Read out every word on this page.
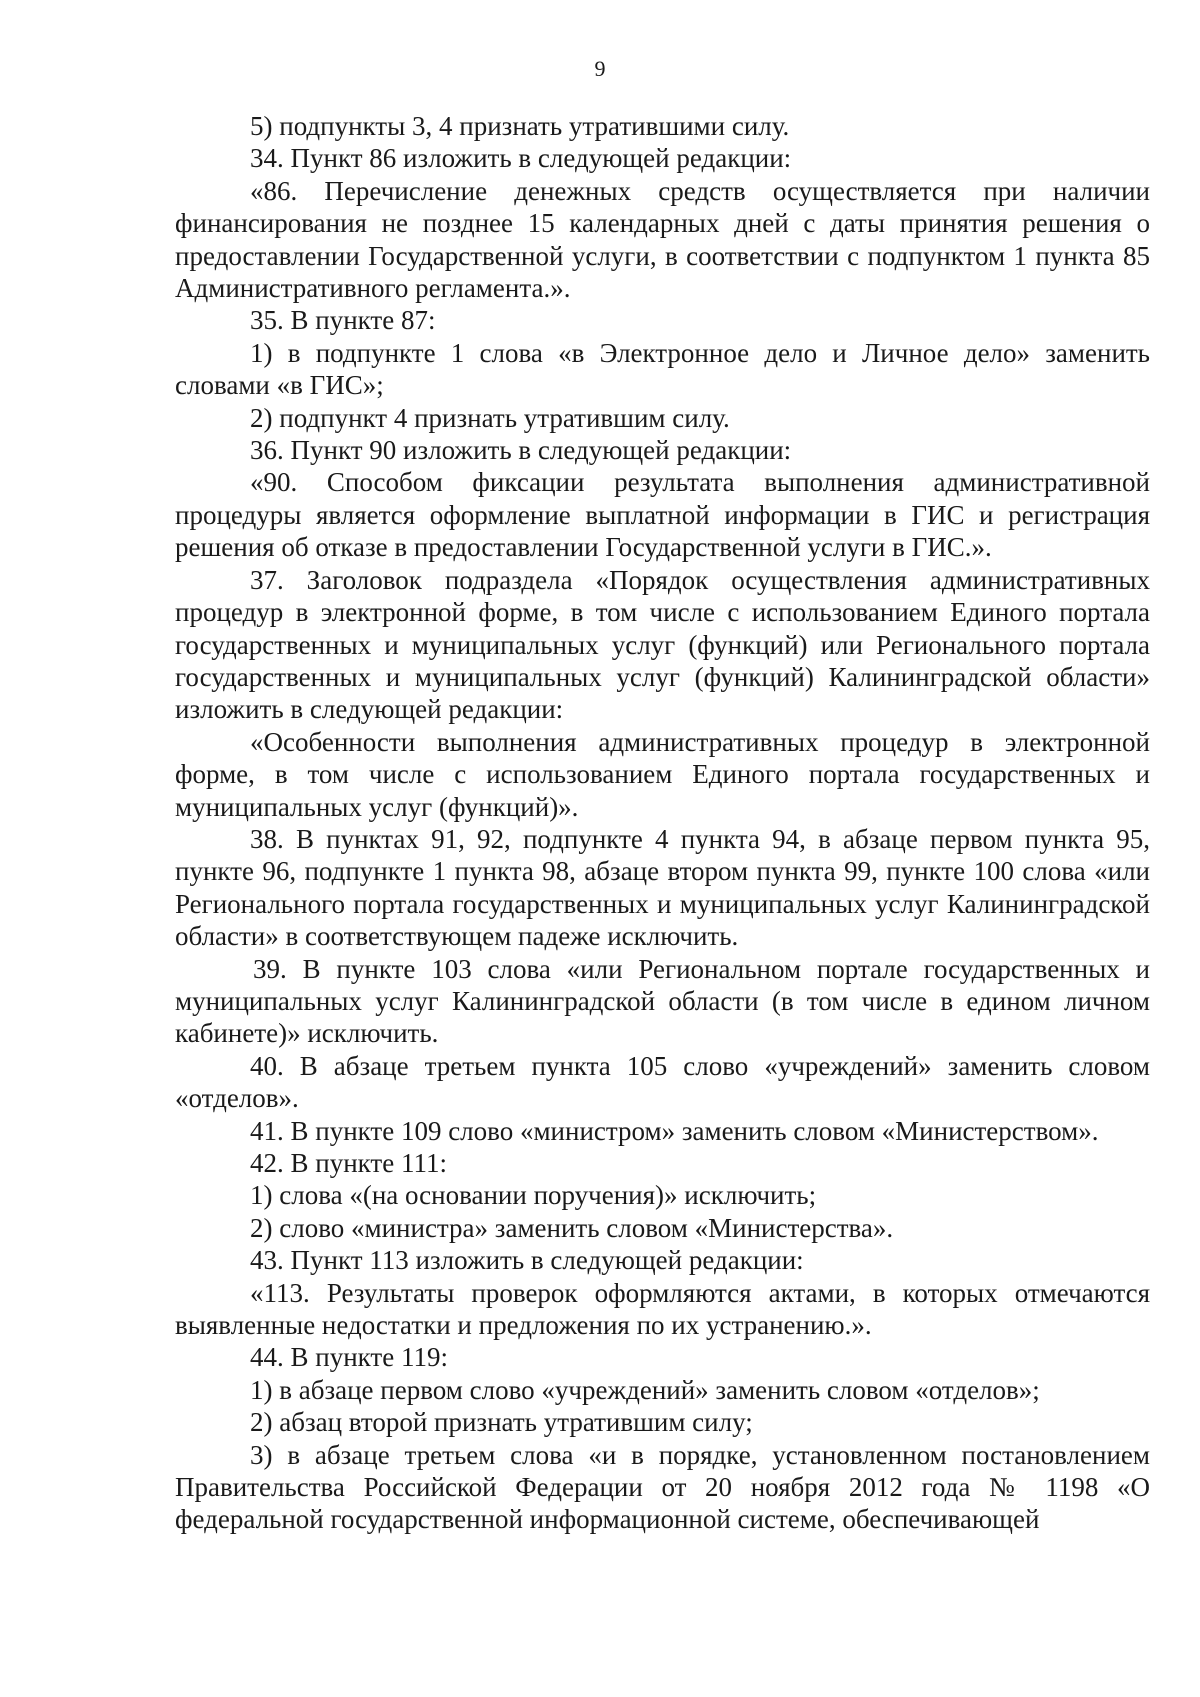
9

5) подпункты 3, 4 признать утратившими силу.

34. Пункт 86 изложить в следующей редакции:

«86. Перечисление денежных средств осуществляется при наличии финансирования не позднее 15 календарных дней с даты принятия решения о предоставлении Государственной услуги, в соответствии с подпунктом 1 пункта 85 Административного регламента.».

35. В пункте 87:

1) в подпункте 1 слова «в Электронное дело и Личное дело» заменить словами «в ГИС»;

2) подпункт 4 признать утратившим силу.

36. Пункт 90 изложить в следующей редакции:

«90. Способом фиксации результата выполнения административной процедуры является оформление выплатной информации в ГИС и регистрация решения об отказе в предоставлении Государственной услуги в ГИС.».

37. Заголовок подраздела «Порядок осуществления административных процедур в электронной форме, в том числе с использованием Единого портала государственных и муниципальных услуг (функций) или Регионального портала государственных и муниципальных услуг (функций) Калининградской области» изложить в следующей редакции:

«Особенности выполнения административных процедур в электронной форме, в том числе с использованием Единого портала государственных и муниципальных услуг (функций)».

38. В пунктах 91, 92, подпункте 4 пункта 94, в абзаце первом пункта 95, пункте 96, подпункте 1 пункта 98, абзаце втором пункта 99, пункте 100 слова «или Регионального портала государственных и муниципальных услуг Калининградской области» в соответствующем падеже исключить.

39. В пункте 103 слова «или Региональном портале государственных и муниципальных услуг Калининградской области (в том числе в едином личном кабинете)» исключить.

40. В абзаце третьем пункта 105 слово «учреждений» заменить словом «отделов».

41. В пункте 109 слово «министром» заменить словом «Министерством».

42. В пункте 111:

1) слова «(на основании поручения)» исключить;

2) слово «министра» заменить словом «Министерства».

43. Пункт 113 изложить в следующей редакции:

«113. Результаты проверок оформляются актами, в которых отмечаются выявленные недостатки и предложения по их устранению.».

44. В пункте 119:

1) в абзаце первом слово «учреждений» заменить словом «отделов»;

2) абзац второй признать утратившим силу;

3) в абзаце третьем слова «и в порядке, установленном постановлением Правительства Российской Федерации от 20 ноября 2012 года № 1198 «О федеральной государственной информационной системе, обеспечивающей
